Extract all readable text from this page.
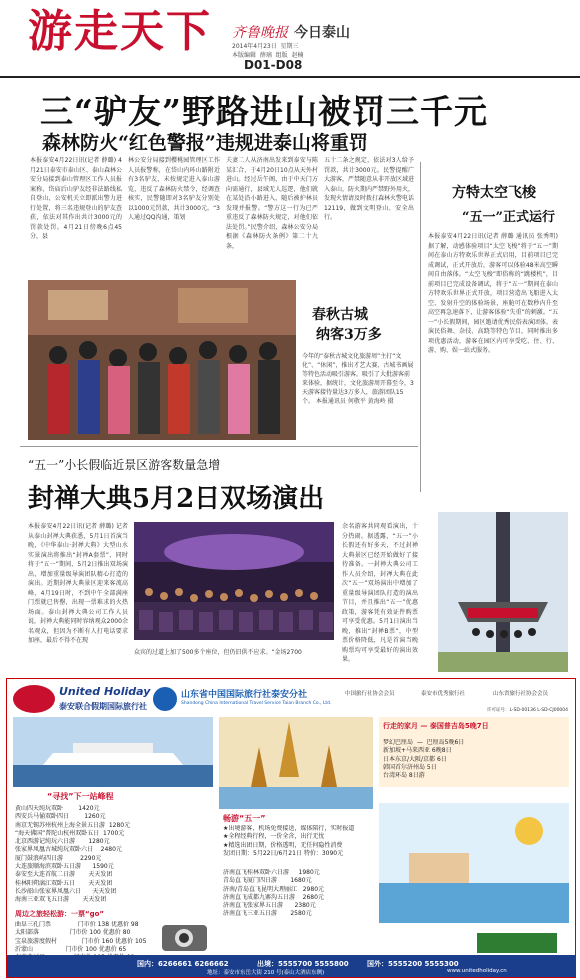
游走天下 齐鲁晚报 今日泰山
2014年4月23日  星期三
本版编辑  薛璃  组版  赵楠
D01-D08
三“驴友”野路进山被罚三千元
森林防火“红色警报”违规进泰山将重罚
本报泰安4月22日讯(记者 薛璐) 4月21日泰安市泰山区、泰山森林公安分局接到泰山管理区工作人员报案称，岱庙后山驴友经非法路线私自登山，公安机关立即派出警力进行处置，将三名违规登山的驴友查获，依法对其作出共计3000元的罚款处罚。4月21日傍晚6点45分，县
林公安分局接到樱桃园管理区工作人员报警称，在岱山内环山路附近有3名驴友，未按规定进入泰山游览，违反了森林防火禁令，经调查核实，民警随即对3名驴友分别处以1000元罚款，共计3000元。“3人通过QQ沟通，策划
夫妻二人从济南出发来到泰安与陈某汇合，于4月20日10点从天外村进山。经过岳午阁，由于中天门方向需通行，县域无人巡逻，他们就在某处沿小路进入，随后被护林员发现并报警。“警方这一行为已严重违反了森林防火规定，对他们依法处罚。”民警介绍，森林公安分局根据《森林防火条例》第二十九条，
五十二条之规定，依法对3人给予罚款，共计3000元。民警提醒广大游客，严禁随意从非开放区域进入泰山，防火期内严禁野外用火，发现火情请及时拨打森林火警电话12119，做到文明登山、安全出行。
方特太空飞梭
“五一”正式运行
本报泰安4月22日讯(记者 薛璐 通讯员 张秀明) 据了解，动感体验项目“太空飞梭”将于“五一”期间在泰山方特欢乐世界正式启用，目前项目已完成调试，正式开放后，游客可以体验48米高空瞬间自由落体。“太空飞梭”即俗称的“跳楼机”，目前项目已完成设备调试，将于“五一”期间在泰山方特欢乐世界正式开放，项目营造出飞船进入太空、发射升空的体验场景，座舱可在数秒内升至高空再急速落下，让游客体验“失重”的刺激。“五一”小长假期间，园区邀请优秀民俗表演团体，表演民俗舞、杂技、高跷等特色节目，同时推出多项优惠活动，游客在园区内可享受吃、住、行、游、购、娱一站式服务。
春秋古城
纳客3万多
今年的“泰秋古城文化旅游周”主打“文化”、“休闲”，推出才艺大赛、古城书画展等特色活动吸引游客，吸引了大批游客前来体验，据统计，文化旅游周开幕至今，3天游客接待量达3万多人，旅游团队15个。 本报通讯员 何敬平 黄海岭 摄
“五一”小长假临近景区游客数量急增
封禅大典5月2日双场演出
本报泰安4月22日讯(记者 薛璐) 记者从泰山封禅大典获悉，5月1日首演当晚，《中华泰山·封禅大典》大型山水实景演出将推出“封禅A套票”，同时将于“五一”期间，5月2日推出双场演出，增加重量级导演团队精心打造的演出。近期封禅大典景区迎来客流高峰，4月19日时，不到中午全部满座门票就已售罄，出现一票难求的火热场面。泰山封禅大典公司工作人员说，封禅大典能同时容纳观众2000余名观众，但因为不断有人打电话要求加座，最后不得不在现
众宾的过道上加了500多个座位，但仍旧供不应求。“金场2700
余名游客共同观看演出，十分热闹。据透露，“五一”小长假还有好多天，不过封禅大典景区已经开始做好了接待准备。一封禅大典公司工作人员介绍，封禅大典在此次“五一”双场演出中增加了重量级导演团队打造的演出节目，并且推出“五一”优惠政策，游客凭有效证件购票可享受优惠。5月1日演出当晚，推出“封禅B票”，中型票价格降低，凡是首演当晚购票均可享受最好的演出效果。
United Holiday
泰安联合假期国际旅行社
山东省中国国际旅行社泰安分社
Shandong China International Travel Service Taian Branch Co., Ltd.
中国旅行社协会会员	泰安市优秀旅行社	山东省旅行社协会会员
许可证号：L-SD-00136 L-SD-CJ00004
“寻找”下一站峰程
黄山四天纯玩双卧        1420元
西安兵马俑双卧四日        1260元
南京无锡苏州杭州上海全景五日游  1280元
“海天佛国”普陀山杭州双卧五日  1700元
北京西游记纯玩六日游       1280元
张家界凤凰古城纯玩双卧六日    2480元
厦门鼓浪屿四日游         2290元
大连旅顺海滨双卧五日游      1590元
泰安至大连首航二日游       天天发团
桂林阳朔漓江双卧五日       天天发团
长沙韶山张家界凤凰六日      天天发团
海南三亚双飞五日游       天天发团
周边之旅轻松游：一票“go”
曲阜三孔门票              门市价 138 优惠价 98
太阳部落                门市价 100 优惠价 80
宝泉旅游度假村             门市价 160 优惠价 105
沂蒙山                 门市价 100 优惠价 65

畅游“五一”
★出境游客，机场免费接送，媒体陪行，实时报道
★全程经典行程，一价全含，出行无忧
★精选出团日期，价格透明，无任何隐性消费
发团日期：5月22日/6月21日 特价：3090元
济南直飞桂林双卧六日游     1980元
青岛直飞厦门四日游       1680元
济南/青岛直飞昆明大理丽江   2980元
济南直飞成都九寨沟五日游    2680元
济南直飞张家界五日游      2380元
济南直飞三亚五日游       2580元
行走的家月 — 泰国普吉岛5晚7日
梦幻巴厘岛  —  巴厘岛5晚6日
新加坡+马来西亚 6晚8日
日本东京/大阪/京都 6日
韩国首尔济州岛 5日
台湾环岛 8日游
国内：6266661 6266662	出境：5555700 5555800	国外：5555200 5555300
地址：泰安市东岳大街 210 号(泰山大酒店东侧)	www.unitedholiday.cn
